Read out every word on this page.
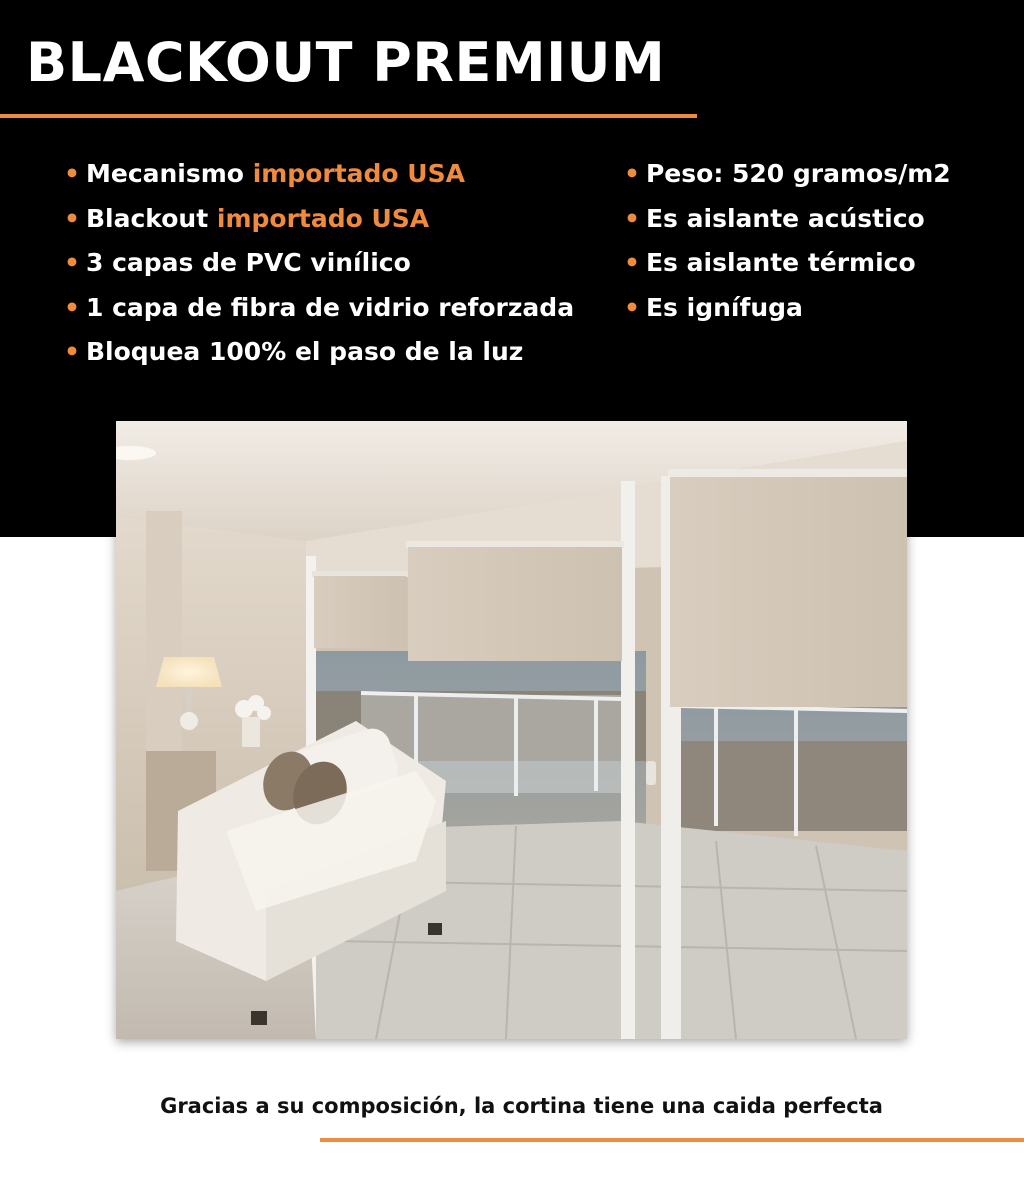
BLACKOUT PREMIUM
• Mecanismo importado USA
• Blackout importado USA
• 3 capas de PVC vinílico
• 1 capa de fibra de vidrio reforzada
• Bloquea 100% el paso de la luz
• Peso: 520 gramos/m2
• Es aislante acústico
• Es aislante térmico
• Es ignífuga

Gracias a su composición, la cortina tiene una caida perfecta
